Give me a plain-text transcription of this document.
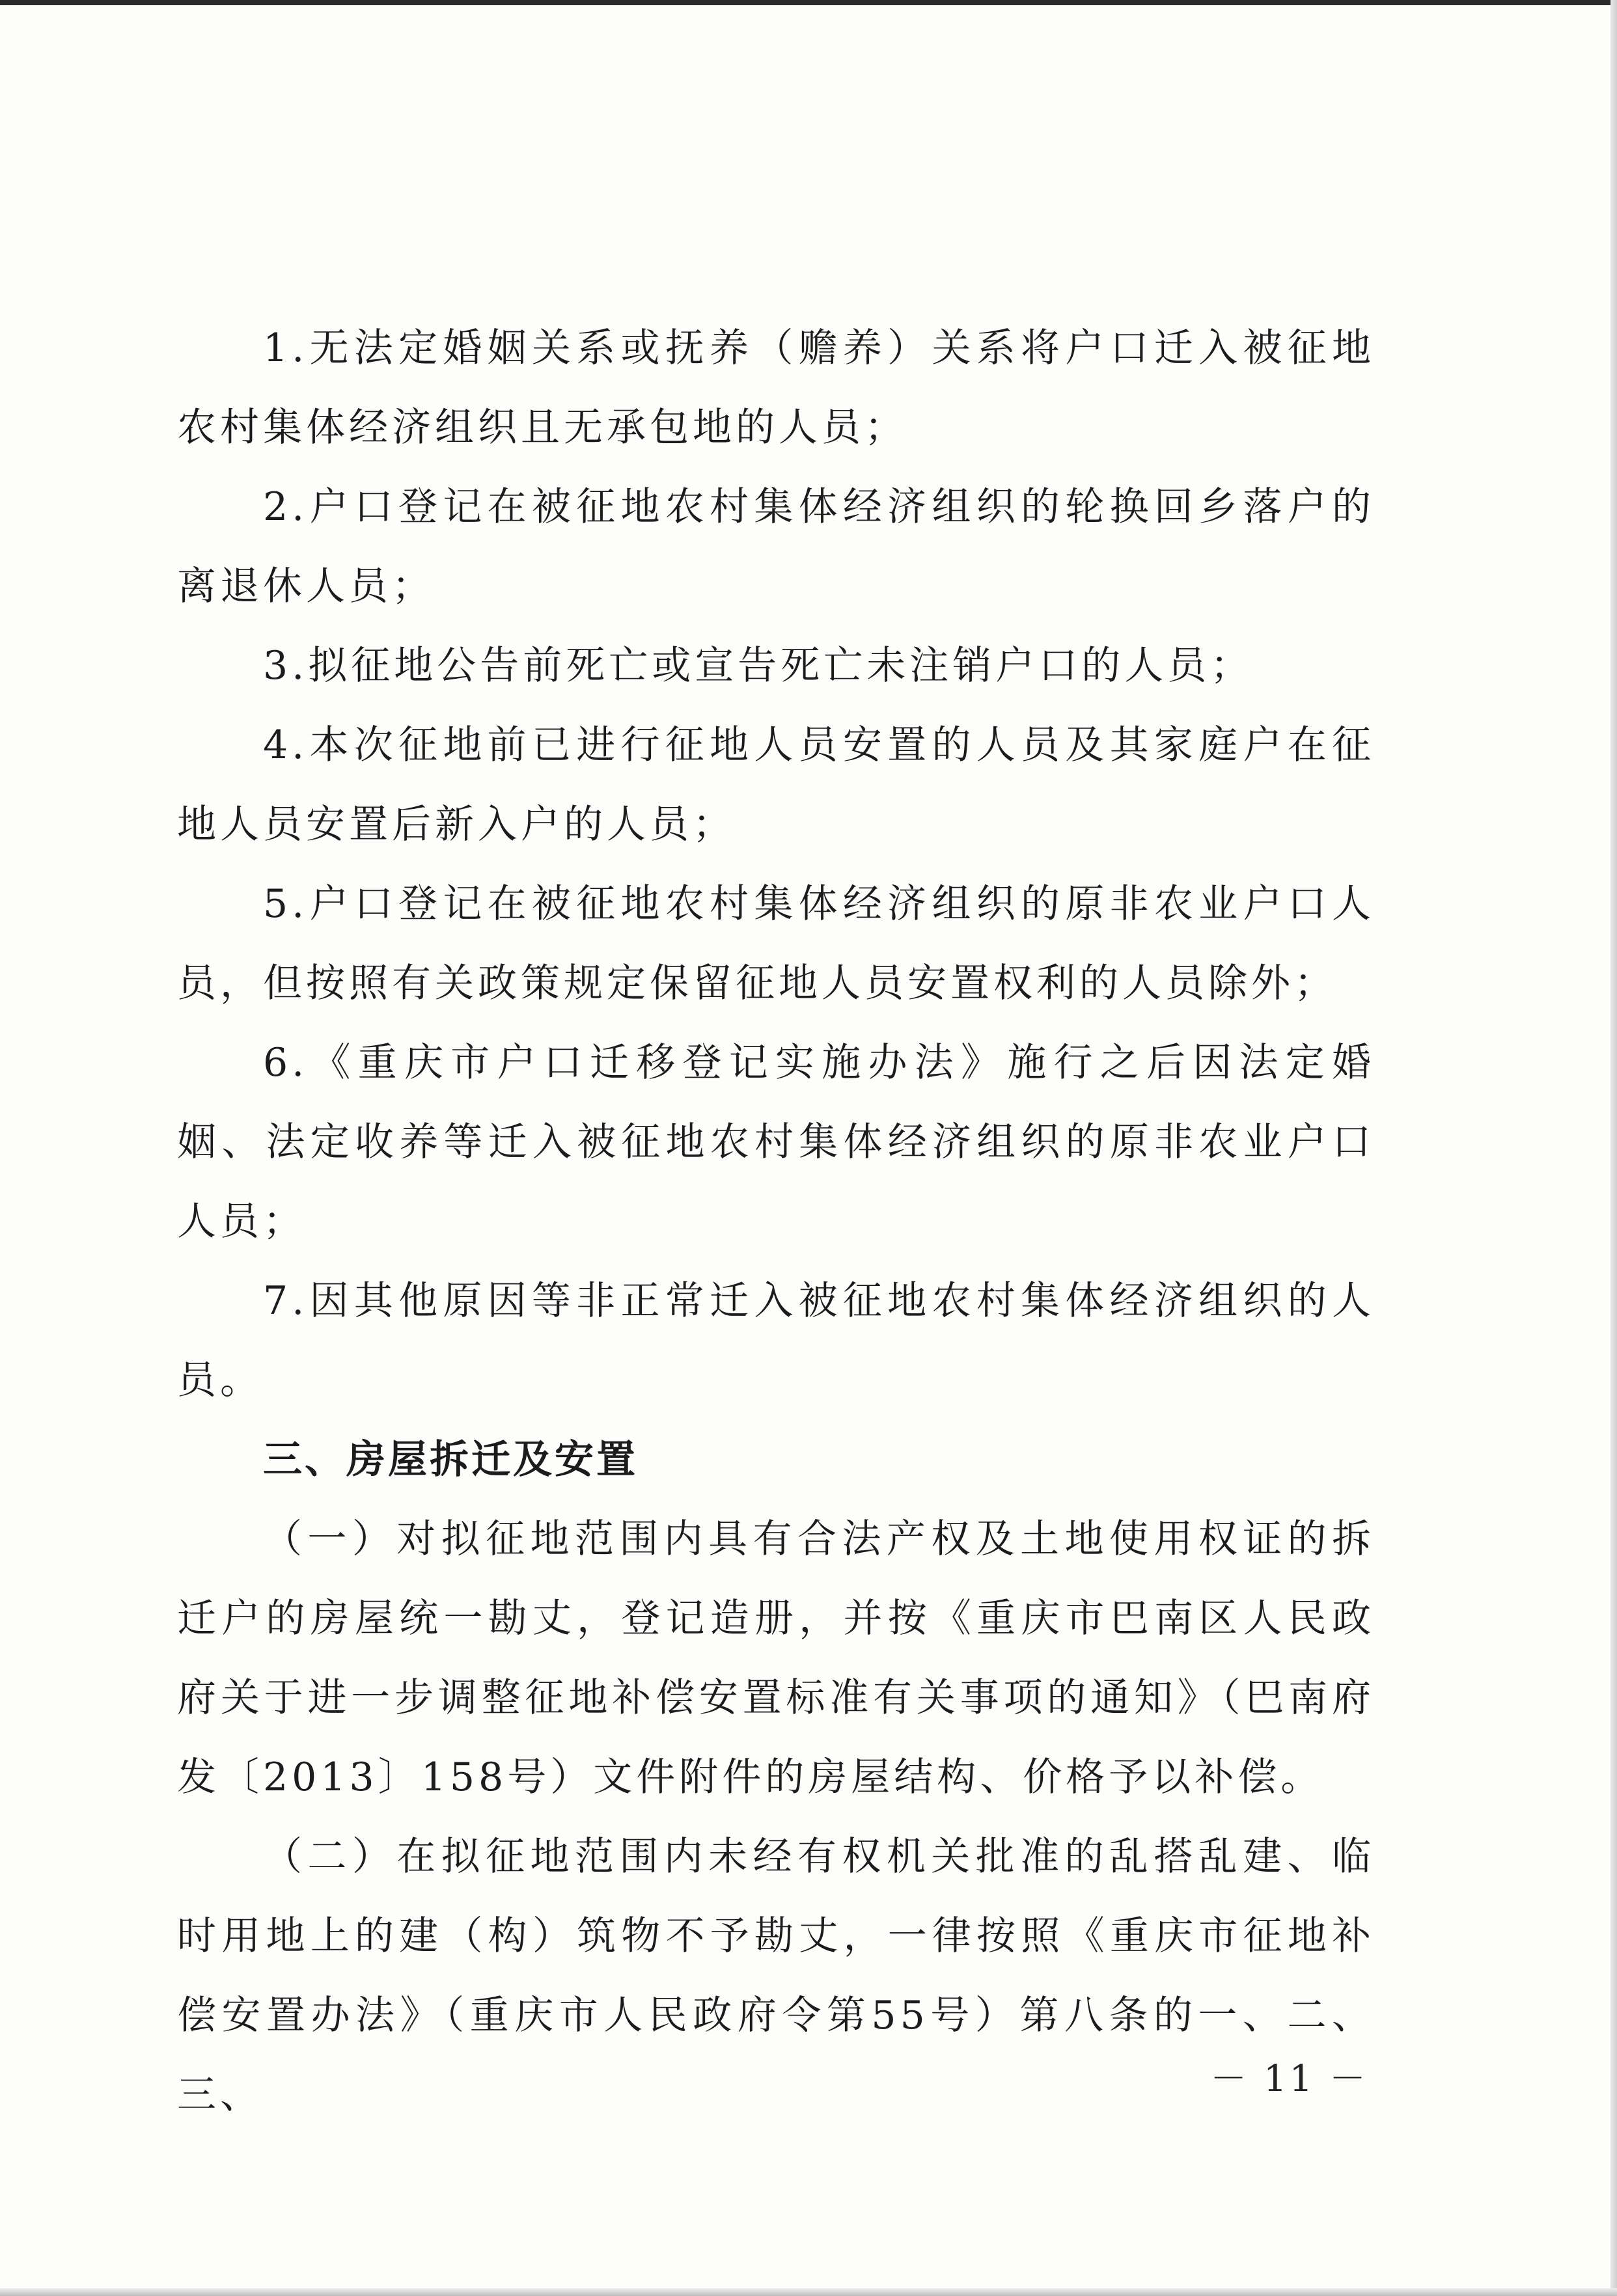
1.无法定婚姻关系或抚养（赡养）关系将户口迁入被征地农村集体经济组织且无承包地的人员；

2.户口登记在被征地农村集体经济组织的轮换回乡落户的离退休人员；

3.拟征地公告前死亡或宣告死亡未注销户口的人员；

4.本次征地前已进行征地人员安置的人员及其家庭户在征地人员安置后新入户的人员；

5.户口登记在被征地农村集体经济组织的原非农业户口人员，但按照有关政策规定保留征地人员安置权利的人员除外；

6.《重庆市户口迁移登记实施办法》施行之后因法定婚姻、法定收养等迁入被征地农村集体经济组织的原非农业户口人员；

7.因其他原因等非正常迁入被征地农村集体经济组织的人员。

三、房屋拆迁及安置

（一）对拟征地范围内具有合法产权及土地使用权证的拆迁户的房屋统一勘丈，登记造册，并按《重庆市巴南区人民政府关于进一步调整征地补偿安置标准有关事项的通知》（巴南府发〔2013〕158号）文件附件的房屋结构、价格予以补偿。

（二）在拟征地范围内未经有权机关批准的乱搭乱建、临时用地上的建（构）筑物不予勘丈，一律按照《重庆市征地补偿安置办法》（重庆市人民政府令第55号）第八条的一、二、三、	－ 11 －
